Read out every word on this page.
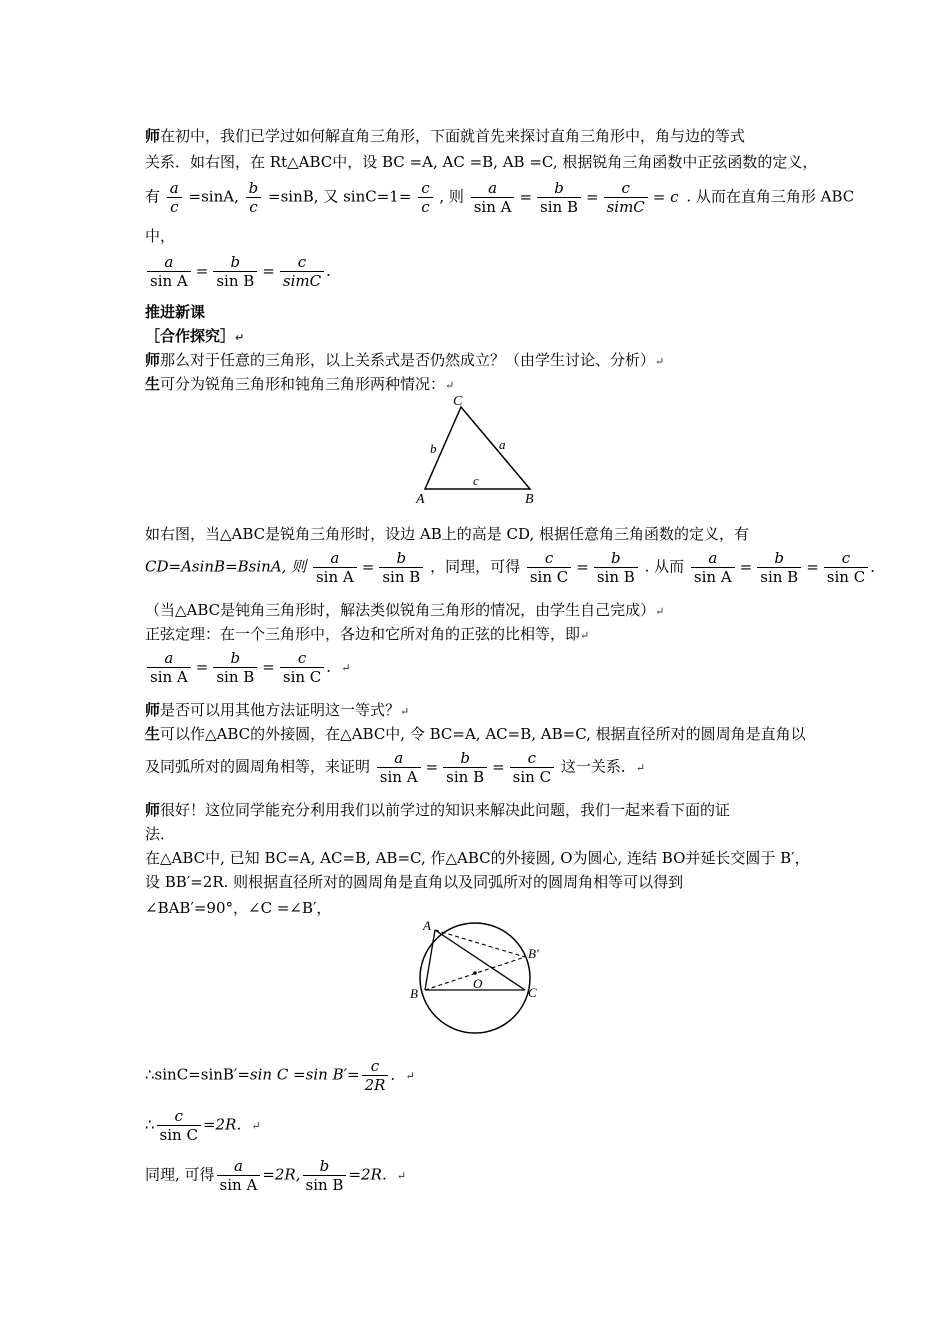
师在初中，我们已学过如何解直角三角形，下面就首先来探讨直角三角形中，角与边的等式
关系．如右图，在 Rt△ABC中，设 BC =A, AC =B, AB =C, 根据锐角三角函数中正弦函数的定义，
有 $\frac{a}{c} =\sin A$, $\frac{b}{c} =\sin B$, 又 $\sin C=1= \frac{c}{c}$ , 则 $\frac{a}{\text{sin A}} = \frac{b}{\text{sin B}} = \frac{c}{\text{simC}} = c$ . 从而在直角三角形 ABC
中，
$\frac{a}{\text{sin A}} = \frac{b}{\text{sin B}} = \frac{c}{\text{simC}}$ ．
推进新课
［合作探究］↵
师那么对于任意的三角形，以上关系式是否仍然成立？（由学生讨论、分析）↵
生可分为锐角三角形和钝角三角形两种情况：↵
A	B
C
b	a
c
如右图，当△ABC是锐角三角形时，设边 AB上的高是 CD, 根据任意角三角函数的定义，有
CD=AsinB=BsinA, 则 $\frac{a}{\text{sin A}} = \frac{b}{\text{sin B}}$ ，同理，可得 $\frac{c}{\text{sin C}} = \frac{b}{\text{sin B}}$ . 从而 $\frac{a}{\text{sin A}} = \frac{b}{\text{sin B}} = \frac{c}{\text{sin C}}$ ．
（当△ABC是钝角三角形时，解法类似锐角三角形的情况，由学生自己完成）↵
正弦定理：在一个三角形中，各边和它所对角的正弦的比相等，即↵
$\frac{a}{\text{sin A}} = \frac{b}{\text{sin B}} = \frac{c}{\text{sin C}}$ ．↵
师是否可以用其他方法证明这一等式？↵
生可以作△ABC的外接圆，在△ABC中, 令 BC=A, AC=B, AB=C, 根据直径所对的圆周角是直角以
及同弧所对的圆周角相等，来证明 $\frac{a}{\text{sin A}} = \frac{b}{\text{sin B}} = \frac{c}{\text{sin C}}$ 这一关系．↵
师很好！这位同学能充分利用我们以前学过的知识来解决此问题，我们一起来看下面的证
法．
在△ABC中, 已知 BC=A, AC=B, AB=C, 作△ABC的外接圆, O为圆心, 连结 BO并延长交圆于 B′，
设 BB′=2R. 则根据直径所对的圆周角是直角以及同弧所对的圆周角相等可以得到
∠BAB′=90°，∠C =∠B′，
A
B	C
B′
O
∴sinC=sinB′=sin C =sin $B'= \frac{c}{2R}$ ．↵
∴ $\frac{c}{\text{sin C}} =2R$．↵
同理, 可得 $\frac{a}{\text{sin A}} =2R$, $\frac{b}{\text{sin B}} =2R$．↵
